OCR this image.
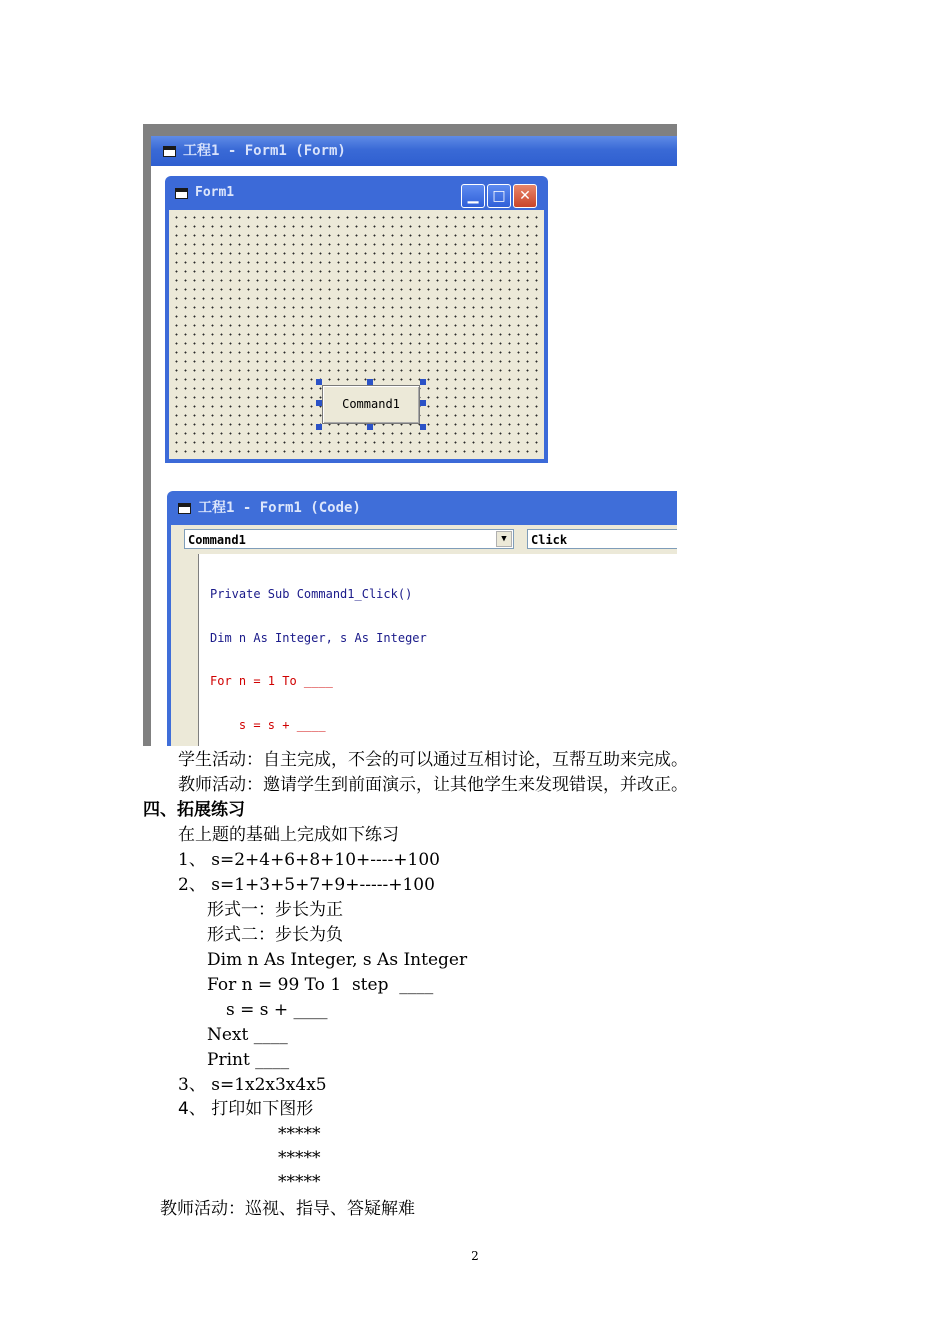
工程1 - Form1 (Form)
Form1	▁ □ ✕
Command1
工程1 - Form1 (Code)
Command1	▼	Click

Private Sub Command1_Click()

Dim n As Integer, s As Integer

For n = 1 To ____

s = s + ____

学生活动：自主完成，不会的可以通过互相讨论，互帮互助来完成。
教师活动：邀请学生到前面演示，让其他学生来发现错误，并改正。
四、拓展练习
在上题的基础上完成如下练习
1、 s=2+4+6+8+10+----+100
2、 s=1+3+5+7+9+-----+100
形式一：步长为正
形式二：步长为负
Dim n As Integer, s As Integer
For n = 99 To 1  step  ____
s = s + ____
Next ____
Print ____
3、 s=1x2x3x4x5
4、 打印如下图形
*****
*****
*****
教师活动：巡视、指导、答疑解难
2
